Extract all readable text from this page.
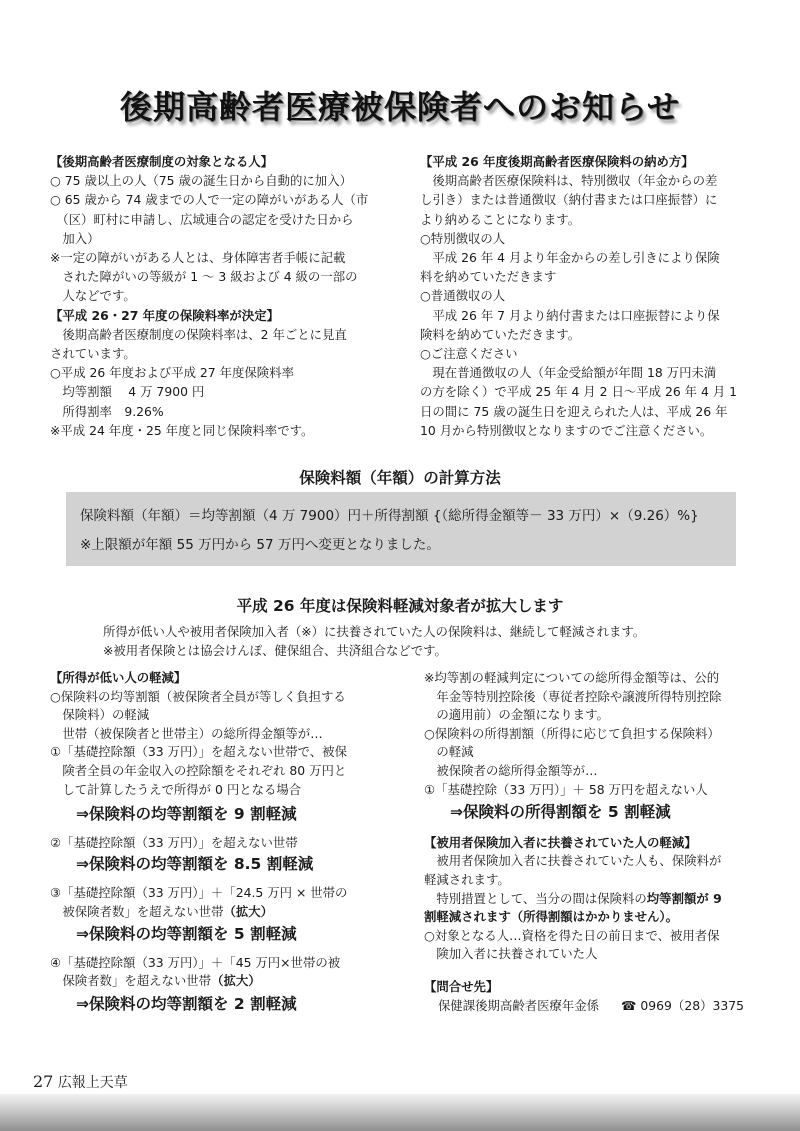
後期高齢者医療被保険者へのお知らせ
【後期高齢者医療制度の対象となる人】
○ 75 歳以上の人（75 歳の誕生日から自動的に加入）
○ 65 歳から 74 歳までの人で一定の障がいがある人（市
　（区）町村に申請し、広域連合の認定を受けた日から
　加入）
※一定の障がいがある人とは、身体障害者手帳に記載
　された障がいの等級が 1 ～ 3 級および 4 級の一部の
　人などです。
【平成 26・27 年度の保険料率が決定】
　後期高齢者医療制度の保険料率は、2 年ごとに見直
されています。
○平成 26 年度および平成 27 年度保険料率
　均等割額　 4 万 7900 円
　所得割率　9.26%
※平成 24 年度・25 年度と同じ保険料率です。
【平成 26 年度後期高齢者医療保険料の納め方】
　後期高齢者医療保険料は、特別徴収（年金からの差
し引き）または普通徴収（納付書または口座振替）に
より納めることになります。
○特別徴収の人
　平成 26 年 4 月より年金からの差し引きにより保険
料を納めていただきます
○普通徴収の人
　平成 26 年 7 月より納付書または口座振替により保
険料を納めていただきます。
○ご注意ください
　現在普通徴収の人（年金受給額が年間 18 万円未満
の方を除く）で平成 25 年 4 月 2 日～平成 26 年 4 月 1
日の間に 75 歳の誕生日を迎えられた人は、平成 26 年
10 月から特別徴収となりますのでご注意ください。
保険料額（年額）の計算方法
保険料額（年額）＝均等割額（4 万 7900）円＋所得割額 {（総所得金額等－ 33 万円）×（9.26）%}
※上限額が年額 55 万円から 57 万円へ変更となりました。
平成 26 年度は保険料軽減対象者が拡大します
所得が低い人や被用者保険加入者（※）に扶養されていた人の保険料は、継続して軽減されます。
※被用者保険とは協会けんぽ、健保組合、共済組合などです。
【所得が低い人の軽減】
○保険料の均等割額（被保険者全員が等しく負担する
　保険料）の軽減
　世帯（被保険者と世帯主）の総所得金額等が…
①「基礎控除額（33 万円）」を超えない世帯で、被保
　険者全員の年金収入の控除額をそれぞれ 80 万円と
　して計算したうえで所得が 0 円となる場合
⇒保険料の均等割額を 9 割軽減
②「基礎控除額（33 万円）」を超えない世帯
⇒保険料の均等割額を 8.5 割軽減
③「基礎控除額（33 万円）」＋「24.5 万円 × 世帯の
　被保険者数」を超えない世帯（拡大）
⇒保険料の均等割額を 5 割軽減
④「基礎控除額（33 万円）」＋「45 万円×世帯の被
　保険者数」を超えない世帯（拡大）
⇒保険料の均等割額を 2 割軽減
※均等割の軽減判定についての総所得金額等は、公的
　年金等特別控除後（専従者控除や譲渡所得特別控除
　の適用前）の金額になります。
○保険料の所得割額（所得に応じて負担する保険料）
　の軽減
　被保険者の総所得金額等が…
①「基礎控除（33 万円）」＋ 58 万円を超えない人
⇒保険料の所得割額を 5 割軽減
【被用者保険加入者に扶養されていた人の軽減】
　被用者保険加入者に扶養されていた人も、保険料が
軽減されます。
　特別措置として、当分の間は保険料の均等割額が 9
割軽減されます（所得割額はかかりません）。
○対象となる人…資格を得た日の前日まで、被用者保
　険加入者に扶養されていた人
【問合せ先】
保健課後期高齢者医療年金係 ☎ 0969（28）3375
27 広報上天草
